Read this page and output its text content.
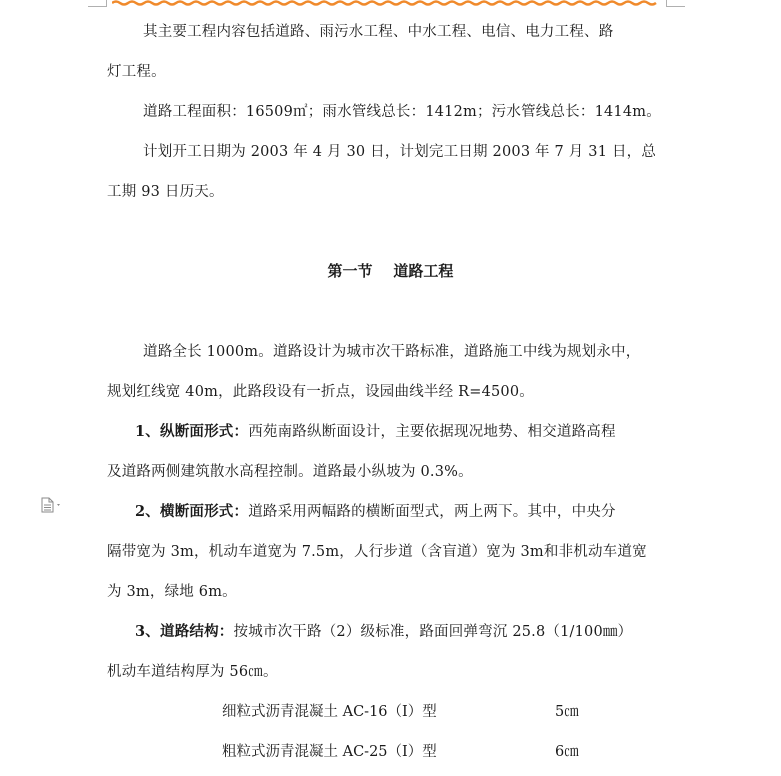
其主要工程内容包括道路、雨污水工程、中水工程、电信、电力工程、路
灯工程。
道路工程面积：16509㎡；雨水管线总长：1412m；污水管线总长：1414m。
计划开工日期为 2003 年 4 月 30 日，计划完工日期 2003 年 7 月 31 日，总
工期 93 日历天。
第一节    道路工程
道路全长 1000m。道路设计为城市次干路标准，道路施工中线为规划永中，
规划红线宽 40m，此路段设有一折点，设园曲线半经 R=4500。
1、纵断面形式：西苑南路纵断面设计，主要依据现况地势、相交道路高程
及道路两侧建筑散水高程控制。道路最小纵坡为 0.3%。
2、横断面形式：道路采用两幅路的横断面型式，两上两下。其中，中央分
隔带宽为 3m，机动车道宽为 7.5m，人行步道（含盲道）宽为 3m和非机动车道宽
为 3m，绿地 6m。
3、道路结构：按城市次干路（2）级标准，路面回弹弯沉 25.8（1/100㎜）
机动车道结构厚为 56㎝。
细粒式沥青混凝土 AC-16（Ⅰ）型	5㎝
粗粒式沥青混凝土 AC-25（Ⅰ）型	6㎝
